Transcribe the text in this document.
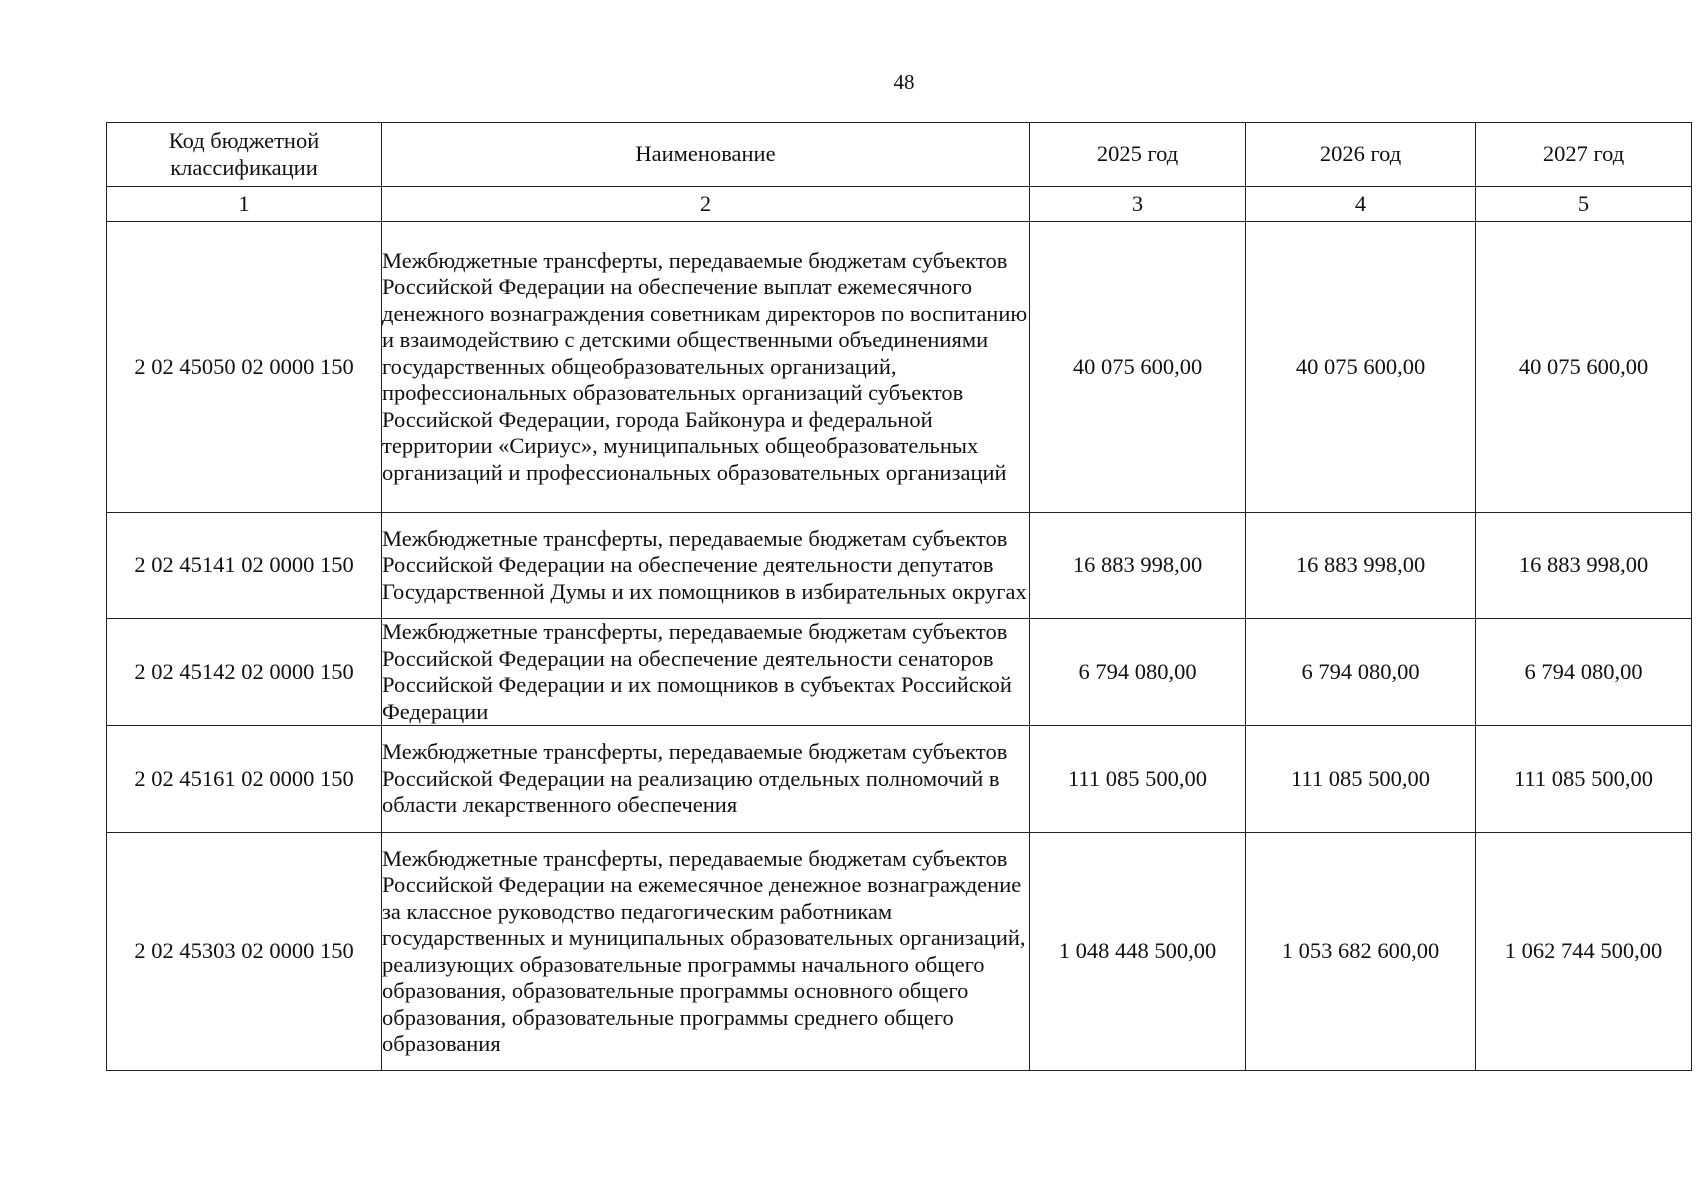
48
Код бюджетной классификации	Наименование	2025 год	2026 год	2027 год
1	2	3	4	5
2 02 45050 02 0000 150	Межбюджетные трансферты, передаваемые бюджетам субъектов Российской Федерации на обеспечение выплат ежемесячного денежного вознаграждения советникам директоров по воспитанию и взаимодействию с детскими общественными объединениями государственных общеобразовательных организаций, профессиональных образовательных организаций субъектов Российской Федерации, города Байконура и федеральной территории «Сириус», муниципальных общеобразовательных организаций и профессиональных образовательных организаций	40 075 600,00	40 075 600,00	40 075 600,00
2 02 45141 02 0000 150	Межбюджетные трансферты, передаваемые бюджетам субъектов Российской Федерации на обеспечение деятельности депутатов Государственной Думы и их помощников в избирательных округах	16 883 998,00	16 883 998,00	16 883 998,00
2 02 45142 02 0000 150	Межбюджетные трансферты, передаваемые бюджетам субъектов Российской Федерации на обеспечение деятельности сенаторов Российской Федерации и их помощников в субъектах Российской Федерации	6 794 080,00	6 794 080,00	6 794 080,00
2 02 45161 02 0000 150	Межбюджетные трансферты, передаваемые бюджетам субъектов Российской Федерации на реализацию отдельных полномочий в области лекарственного обеспечения	111 085 500,00	111 085 500,00	111 085 500,00
2 02 45303 02 0000 150	Межбюджетные трансферты, передаваемые бюджетам субъектов Российской Федерации на ежемесячное денежное вознаграждение за классное руководство педагогическим работникам государственных и муниципальных образовательных организаций, реализующих образовательные программы начального общего образования, образовательные программы основного общего образования, образовательные программы среднего общего образования	1 048 448 500,00	1 053 682 600,00	1 062 744 500,00
